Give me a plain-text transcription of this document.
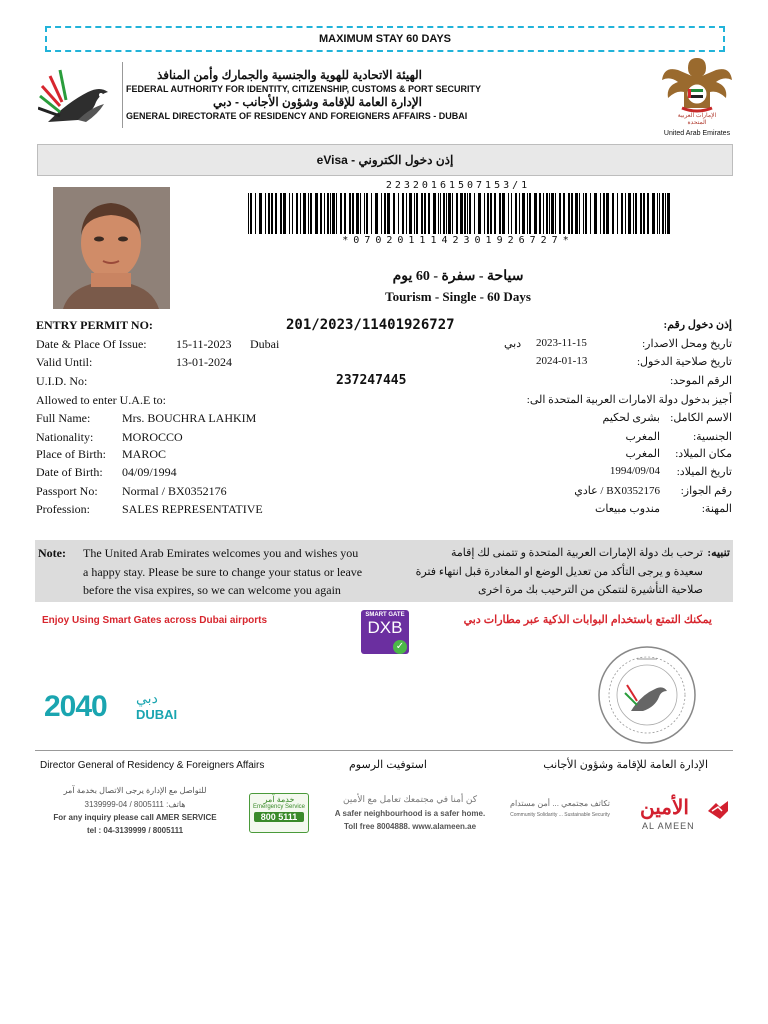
MAXIMUM STAY 60 DAYS
الهيئة الاتحادية للهوية والجنسية والجمارك وأمن المنافذ
FEDERAL AUTHORITY FOR IDENTITY, CITIZENSHIP, CUSTOMS & PORT SECURITY
الإدارة العامة للإقامة وشؤون الأجانب - دبي
GENERAL DIRECTORATE OF RESIDENCY AND FOREIGNERS AFFAIRS - DUBAI	الإمارات العربية المتحدة
United Arab Emirates
إذن دخول الكتروني - eVisa
22320161507153/1
*0702011142301926727*
سياحة - سفرة - 60 يوم
Tourism - Single - 60 Days
ENTRY PERMIT NO:	201/2023/11401926727	إذن دخول رقم:
Date & Place Of Issue: 15-11-2023 Dubai	دبي 2023-11-15	تاريخ ومحل الاصدار:
Valid Until:	13-01-2024	2024-01-13	تاريخ صلاحية الدخول:
U.I.D. No:	237247445	الرقم الموحد:
Allowed to enter U.A.E to:	أجيز بدخول دولة الامارات العربية المتحدة الى:
Full Name:	Mrs. BOUCHRA LAHKIM	بشرى لحكيم الاسم الكامل:
Nationality: MOROCCO	المغرب	الجنسية:
Place of Birth: MAROC	المغرب مكان الميلاد:
Date of Birth: 04/09/1994	1994/09/04 تاريخ الميلاد:
Passport No: Normal / BX0352176	BX0352176 / عادي رقم الجواز:
Profession:	SALES REPRESENTATIVE	مندوب مبيعات	المهنة:
Note: The United Arab Emirates welcomes you and wishes you
a happy stay. Please be sure to change your status or leave
before the visa expires, so we can welcome you again
تنبيه:
ترحب بك دولة الإمارات العربية المتحدة و تتمنى لك إقامة
سعيدة و يرجى التأكد من تعديل الوضع او المغادرة قبل انتهاء فترة
صلاحية التأشيرة لنتمكن من الترحيب بك مرة اخرى
Enjoy Using Smart Gates across Dubai airports	SMART GATE
DXB
✓
يمكنك التمتع باستخدام البوابات الذكية عبر مطارات دبي
2040 دبي
DUBAI
Director General of Residency & Foreigners Affairs	استوفيت الرسوم	الإدارة العامة للإقامة وشؤون الأجانب
للتواصل مع الإدارة يرجى الاتصال بخدمة آمر
هاتف: 8005111 / 04-3139999
For any inquiry please call AMER SERVICE
tel : 04-3139999 / 8005111
خدمة آمر
Emergency Service
800 5111
كن أمنا في مجتمعك تعامل مع الأمين
A safer neighbourhood is a safer home.
Toll free 8004888. www.alameen.ae
تكاتف مجتمعي ... أمن مستدام
Community Solidarity ... Sustainable Security	الأمين
AL AMEEN
